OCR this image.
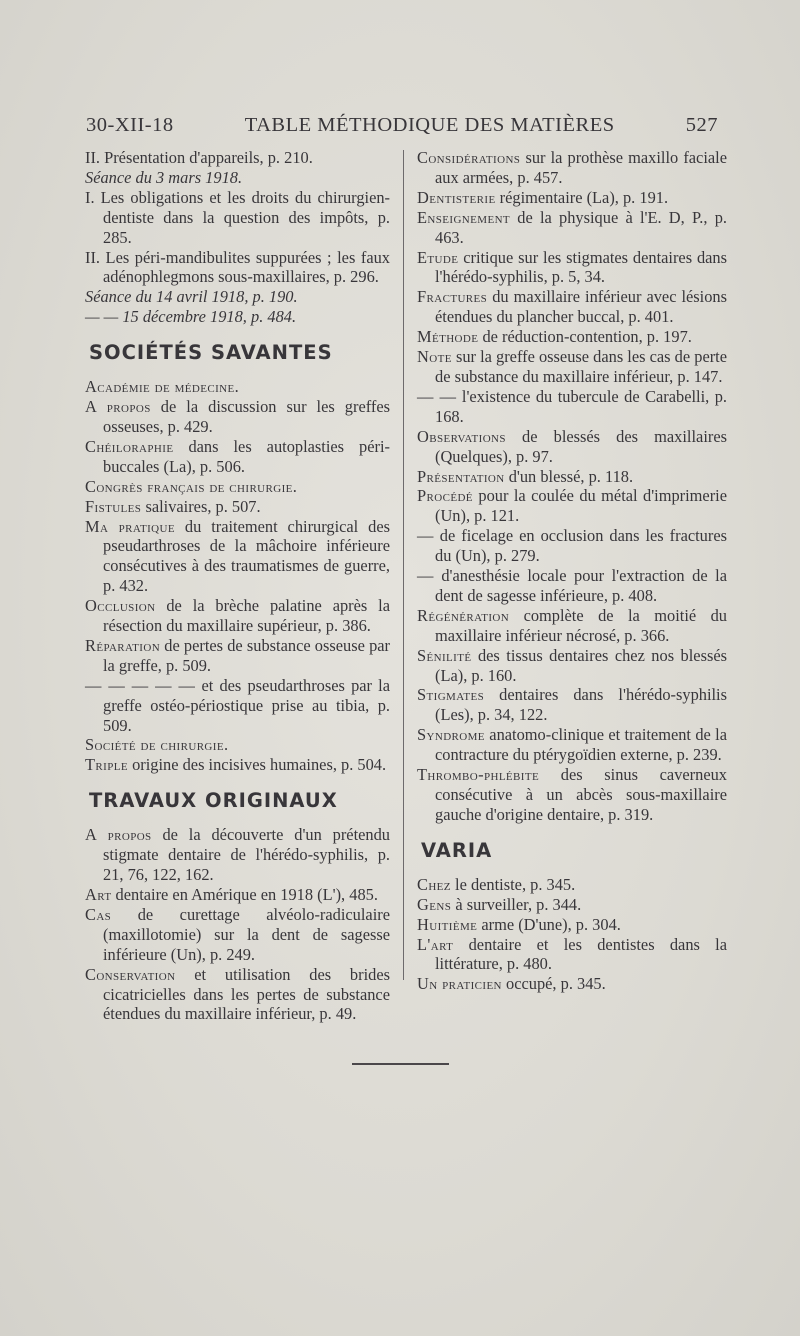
30-XII-18	TABLE MÉTHODIQUE DES MATIÈRES	527
II. Présentation d'appareils, p. 210.
Séance du 3 mars 1918.
I. Les obligations et les droits du chirurgien-dentiste dans la question des impôts, p. 285.
II. Les péri-mandibulites suppurées ; les faux adénophlegmons sous-maxillaires, p. 296.
Séance du 14 avril 1918, p. 190.
— — 15 décembre 1918, p. 484.
SOCIÉTÉS SAVANTES
Académie de médecine.
A propos de la discussion sur les greffes osseuses, p. 429.
Chéiloraphie dans les autoplasties péri-buccales (La), p. 506.
Congrès français de chirurgie.
Fistules salivaires, p. 507.
Ma pratique du traitement chirurgical des pseudarthroses de la mâchoire inférieure consécutives à des traumatismes de guerre, p. 432.
Occlusion de la brèche palatine après la résection du maxillaire supérieur, p. 386.
Réparation de pertes de substance osseuse par la greffe, p. 509.
— — — — — et des pseudarthroses par la greffe ostéo-périostique prise au tibia, p. 509.
Société de chirurgie.
Triple origine des incisives humaines, p. 504.
TRAVAUX ORIGINAUX
A propos de la découverte d'un prétendu stigmate dentaire de l'hérédo-syphilis, p. 21, 76, 122, 162.
Art dentaire en Amérique en 1918 (L'), 485.
Cas de curettage alvéolo-radiculaire (maxillotomie) sur la dent de sagesse inférieure (Un), p. 249.
Conservation et utilisation des brides cicatricielles dans les pertes de substance étendues du maxillaire inférieur, p. 49.
Considérations sur la prothèse maxillo faciale aux armées, p. 457.
Dentisterie régimentaire (La), p. 191.
Enseignement de la physique à l'E. D, P., p. 463.
Etude critique sur les stigmates dentaires dans l'hérédo-syphilis, p. 5, 34.
Fractures du maxillaire inférieur avec lésions étendues du plancher buccal, p. 401.
Méthode de réduction-contention, p. 197.
Note sur la greffe osseuse dans les cas de perte de substance du maxillaire inférieur, p. 147.
— — l'existence du tubercule de Carabelli, p. 168.
Observations de blessés des maxillaires (Quelques), p. 97.
Présentation d'un blessé, p. 118.
Procédé pour la coulée du métal d'imprimerie (Un), p. 121.
— de ficelage en occlusion dans les fractures du (Un), p. 279.
— d'anesthésie locale pour l'extraction de la dent de sagesse inférieure, p. 408.
Régénération complète de la moitié du maxillaire inférieur nécrosé, p. 366.
Sénilité des tissus dentaires chez nos blessés (La), p. 160.
Stigmates dentaires dans l'hérédo-syphilis (Les), p. 34, 122.
Syndrome anatomo-clinique et traitement de la contracture du ptérygoïdien externe, p. 239.
Thrombo-phlébite des sinus caverneux consécutive à un abcès sous-maxillaire gauche d'origine dentaire, p. 319.
VARIA
Chez le dentiste, p. 345.
Gens à surveiller, p. 344.
Huitième arme (D'une), p. 304.
L'art dentaire et les dentistes dans la littérature, p. 480.
Un praticien occupé, p. 345.
